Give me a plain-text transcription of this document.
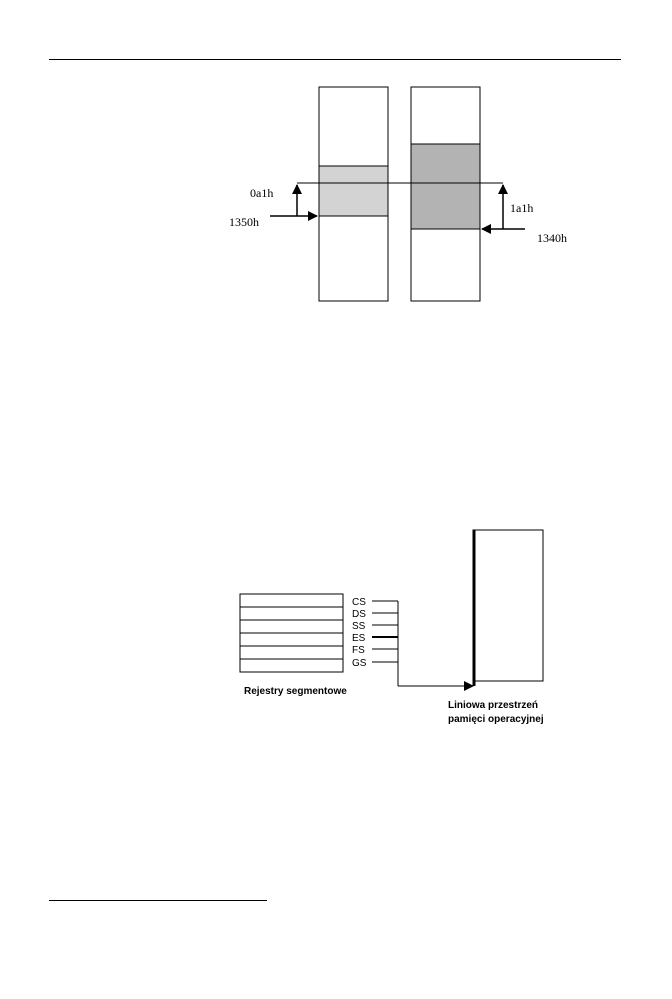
0a1h
1350h
1a1h
1340h
CS
DS
SS
ES
FS
GS
Rejestry segmentowe
Liniowa przestrzeń
pamięci operacyjnej
